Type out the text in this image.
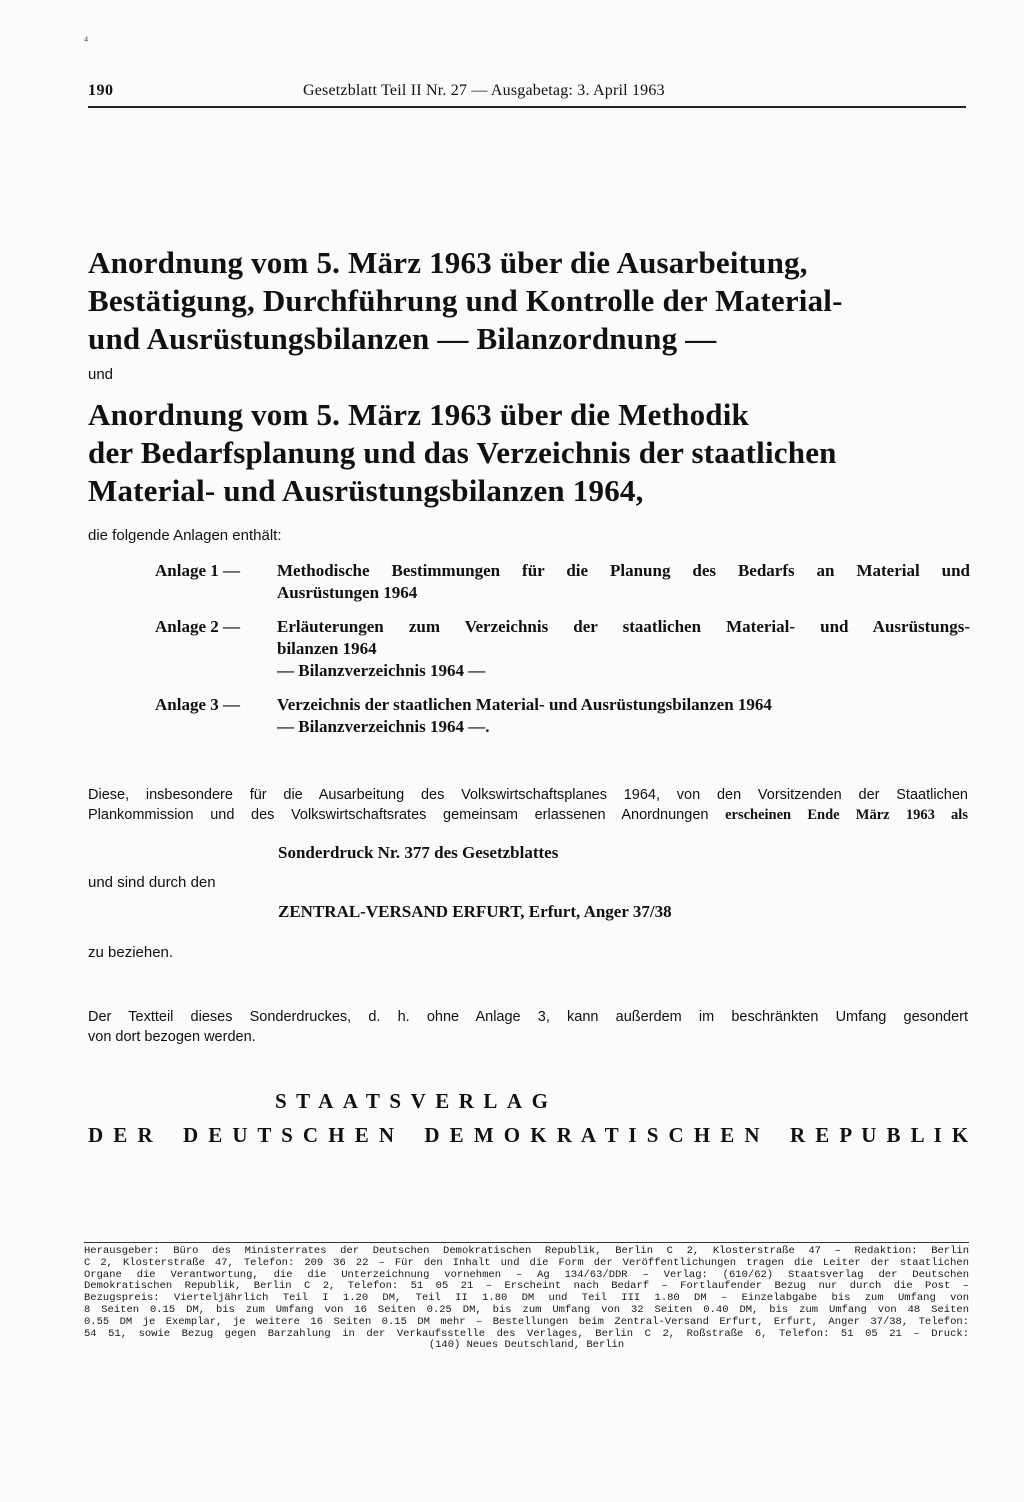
⁴
190	Gesetzblatt Teil II Nr. 27 — Ausgabetag: 3. April 1963
Anordnung vom 5. März 1963 über die Ausarbeitung,
Bestätigung, Durchführung und Kontrolle der Material-
und Ausrüstungsbilanzen — Bilanzordnung —
und
Anordnung vom 5. März 1963 über die Methodik
der Bedarfsplanung und das Verzeichnis der staatlichen
Material- und Ausrüstungsbilanzen 1964,
die folgende Anlagen enthält:
Anlage 1 —	Methodische Bestimmungen für die Planung des Bedarfs an Material und
Ausrüstungen 1964
Anlage 2 —	Erläuterungen zum Verzeichnis der staatlichen Material- und Ausrüstungs-
bilanzen 1964
— Bilanzverzeichnis 1964 —
Anlage 3 —	Verzeichnis der staatlichen Material- und Ausrüstungsbilanzen 1964
— Bilanzverzeichnis 1964 —.
Diese, insbesondere für die Ausarbeitung des Volkswirtschaftsplanes 1964, von den Vorsitzenden der Staatlichen
Plankommission und des Volkswirtschaftsrates gemeinsam erlassenen Anordnungen erscheinen Ende März 1963 als
Sonderdruck Nr. 377 des Gesetzblattes
und sind durch den
ZENTRAL-VERSAND ERFURT, Erfurt, Anger 37/38
zu beziehen.
Der Textteil dieses Sonderdruckes, d. h. ohne Anlage 3, kann außerdem im beschränkten Umfang gesondert
von dort bezogen werden.
STAATSVERLAG
D E R D E U T S C H E N D E M O K R A T I S C H E N R E P U B L I K
Herausgeber: Büro des Ministerrates der Deutschen Demokratischen Republik, Berlin C 2, Klosterstraße 47 – Redaktion: Berlin
C 2, Klosterstraße 47, Telefon: 209 36 22 – Für den Inhalt und die Form der Veröffentlichungen tragen die Leiter der staatlichen
Organe die Verantwortung, die die Unterzeichnung vornehmen – Ag 134/63/DDR – Verlag: (610/62) Staatsverlag der Deutschen
Demokratischen Republik, Berlin C 2, Telefon: 51 05 21 – Erscheint nach Bedarf – Fortlaufender Bezug nur durch die Post –
Bezugspreis: Vierteljährlich Teil I 1.20 DM, Teil II 1.80 DM und Teil III 1.80 DM – Einzelabgabe bis zum Umfang von
8 Seiten 0.15 DM, bis zum Umfang von 16 Seiten 0.25 DM, bis zum Umfang von 32 Seiten 0.40 DM, bis zum Umfang von 48 Seiten
0.55 DM je Exemplar, je weitere 16 Seiten 0.15 DM mehr – Bestellungen beim Zentral-Versand Erfurt, Erfurt, Anger 37/38, Telefon:
54 51, sowie Bezug gegen Barzahlung in der Verkaufsstelle des Verlages, Berlin C 2, Roßstraße 6, Telefon: 51 05 21 – Druck:
(140) Neues Deutschland, Berlin
